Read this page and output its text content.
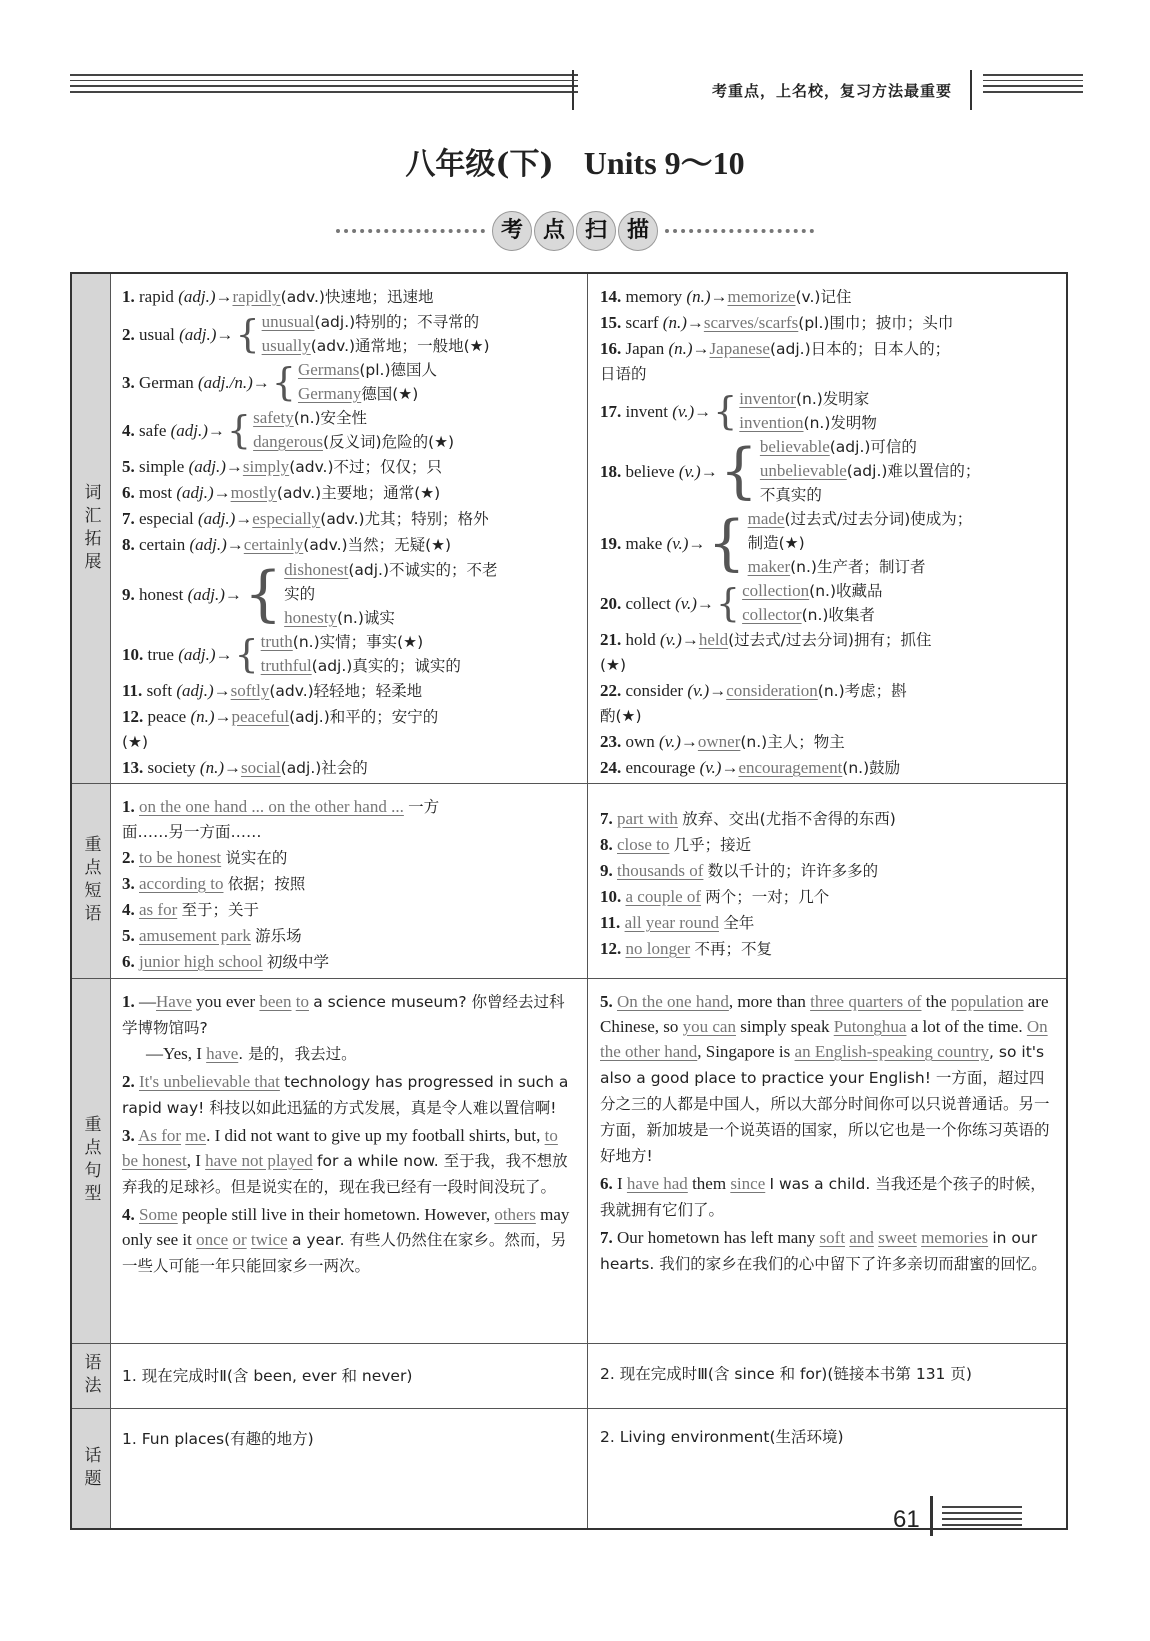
考重点，上名校，复习方法最重要
八年级(下) Units 9～10
考 点 扫 描
词汇拓展
1. rapid (adj.)→rapidly(adv.)快速地；迅速地
2. usual (adj.)→ { unusual(adj.)特别的；不寻常的
usually(adv.)通常地；一般地(★)
3. German (adj./n.)→ { Germans(pl.)德国人
Germany德国(★)
4. safe (adj.)→ { safety(n.)安全性
dangerous(反义词)危险的(★)
5. simple (adj.)→simply(adv.)不过；仅仅；只
6. most (adj.)→mostly(adv.)主要地；通常(★)
7. especial (adj.)→especially(adv.)尤其；特别；格外
8. certain (adj.)→certainly(adv.)当然；无疑(★)
9. honest (adj.)→ { dishonest(adj.)不诚实的；不老
实的
honesty(n.)诚实
10. true (adj.)→ { truth(n.)实情；事实(★)
truthful(adj.)真实的；诚实的
11. soft (adj.)→softly(adv.)轻轻地；轻柔地
12. peace (n.)→peaceful(adj.)和平的；安宁的
(★)
13. society (n.)→social(adj.)社会的
14. memory (n.)→memorize(v.)记住
15. scarf (n.)→scarves/scarfs(pl.)围巾；披巾；头巾
16. Japan (n.)→Japanese(adj.)日本的；日本人的；
日语的
17. invent (v.)→ { inventor(n.)发明家
invention(n.)发明物
18. believe (v.)→ { believable(adj.)可信的
unbelievable(adj.)难以置信的；
不真实的
19. make (v.)→ { made(过去式/过去分词)使成为；
制造(★)
maker(n.)生产者；制订者
20. collect (v.)→ { collection(n.)收藏品
collector(n.)收集者
21. hold (v.)→held(过去式/过去分词)拥有；抓住
(★)
22. consider (v.)→consideration(n.)考虑；斟
酌(★)
23. own (v.)→owner(n.)主人；物主
24. encourage (v.)→encouragement(n.)鼓励
重点短语
1. on the one hand ... on the other hand ... 一方
面……另一方面……
2. to be honest 说实在的
3. according to 依据；按照
4. as for 至于；关于
5. amusement park 游乐场
6. junior high school 初级中学
7. part with 放弃、交出(尤指不舍得的东西)
8. close to 几乎；接近
9. thousands of 数以千计的；许许多多的
10. a couple of 两个；一对；几个
11. all year round 全年
12. no longer 不再；不复
重点句型
1. —Have you ever been to a science museum? 你曾经去过科学博物馆吗?
—Yes, I have. 是的，我去过。
2. It's unbelievable that technology has progressed in such a rapid way! 科技以如此迅猛的方式发展，真是令人难以置信啊!
3. As for me. I did not want to give up my football shirts, but, to be honest, I have not played for a while now. 至于我，我不想放弃我的足球衫。但是说实在的，现在我已经有一段时间没玩了。
4. Some people still live in their hometown. However, others may only see it once or twice a year. 有些人仍然住在家乡。然而，另一些人可能一年只能回家乡一两次。
5. On the one hand, more than three quarters of the population are Chinese, so you can simply speak Putonghua a lot of the time. On the other hand, Singapore is an English-speaking country, so it's also a good place to practice your English! 一方面，超过四分之三的人都是中国人，所以大部分时间你可以只说普通话。另一方面，新加坡是一个说英语的国家，所以它也是一个你练习英语的好地方!
6. I have had them since I was a child. 当我还是个孩子的时候，我就拥有它们了。
7. Our hometown has left many soft and sweet memories in our hearts. 我们的家乡在我们的心中留下了许多亲切而甜蜜的回忆。
语法 1. 现在完成时Ⅱ(含 been, ever 和 never)	2. 现在完成时Ⅲ(含 since 和 for)(链接本书第 131 页)
话题
1. Fun places(有趣的地方)	2. Living environment(生活环境)
61
